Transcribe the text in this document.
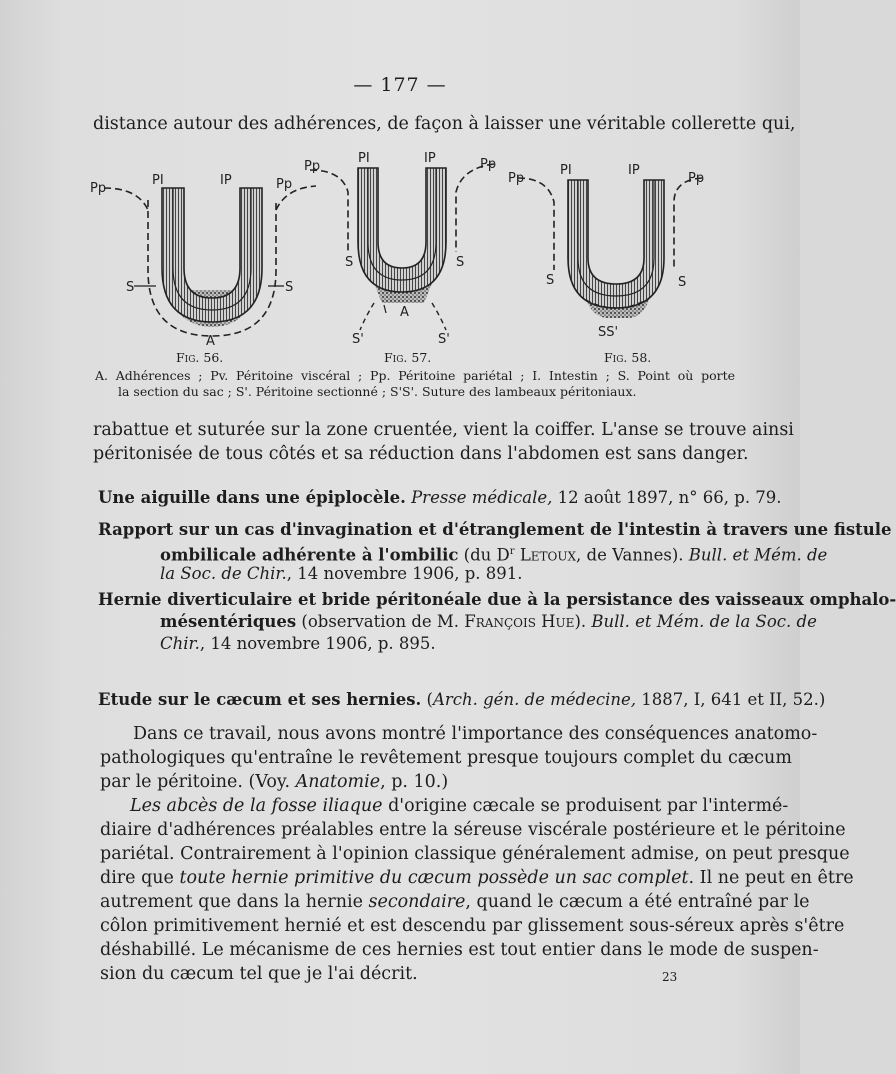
— 177 —
distance autour des adhérences, de façon à laisser une véritable collerette qui,
Pp
PI	IP	Pp
S	S
A
Pp
PI	IP	Pp
S	S
A
S'	S'
Pp
PI	IP
Pp
S	S
SS'
Fig. 56.	Fig. 57.	Fig. 58.
A. Adhérences ; Pv. Péritoine viscéral ; Pp. Péritoine pariétal ; I. Intestin ; S. Point où porte
la section du sac ; S'. Péritoine sectionné ; S'S'. Suture des lambeaux péritoniaux.
rabattue et suturée sur la zone cruentée, vient la coiffer. L'anse se trouve ainsi
péritonisée de tous côtés et sa réduction dans l'abdomen est sans danger.
Une aiguille dans une épiplocèle. Presse médicale, 12 août 1897, n° 66, p. 79.
Rapport sur un cas d'invagination et d'étranglement de l'intestin à travers une fistule
ombilicale adhérente à l'ombilic (du $D^r$ Letoux, de Vannes). Bull. et Mém. de
la Soc. de Chir., 14 novembre 1906, p. 891.
Hernie diverticulaire et bride péritonéale due à la persistance des vaisseaux omphalo-
mésentériques (observation de M. François Hue). Bull. et Mém. de la Soc. de
Chir., 14 novembre 1906, p. 895.
Etude sur le cæcum et ses hernies. (Arch. gén. de médecine, 1887, I, 641 et II, 52.)
Dans ce travail, nous avons montré l'importance des conséquences anatomo-
pathologiques qu'entraîne le revêtement presque toujours complet du cæcum
par le péritoine. (Voy. Anatomie, p. 10.)
Les abcès de la fosse iliaque d'origine cæcale se produisent par l'intermé-
diaire d'adhérences préalables entre la séreuse viscérale postérieure et le péritoine
pariétal. Contrairement à l'opinion classique généralement admise, on peut presque
dire que toute hernie primitive du cæcum possède un sac complet. Il ne peut en être
autrement que dans la hernie secondaire, quand le cæcum a été entraîné par le
côlon primitivement hernié et est descendu par glissement sous-séreux après s'être
déshabillé. Le mécanisme de ces hernies est tout entier dans le mode de suspen-
sion du cæcum tel que je l'ai décrit.	23
